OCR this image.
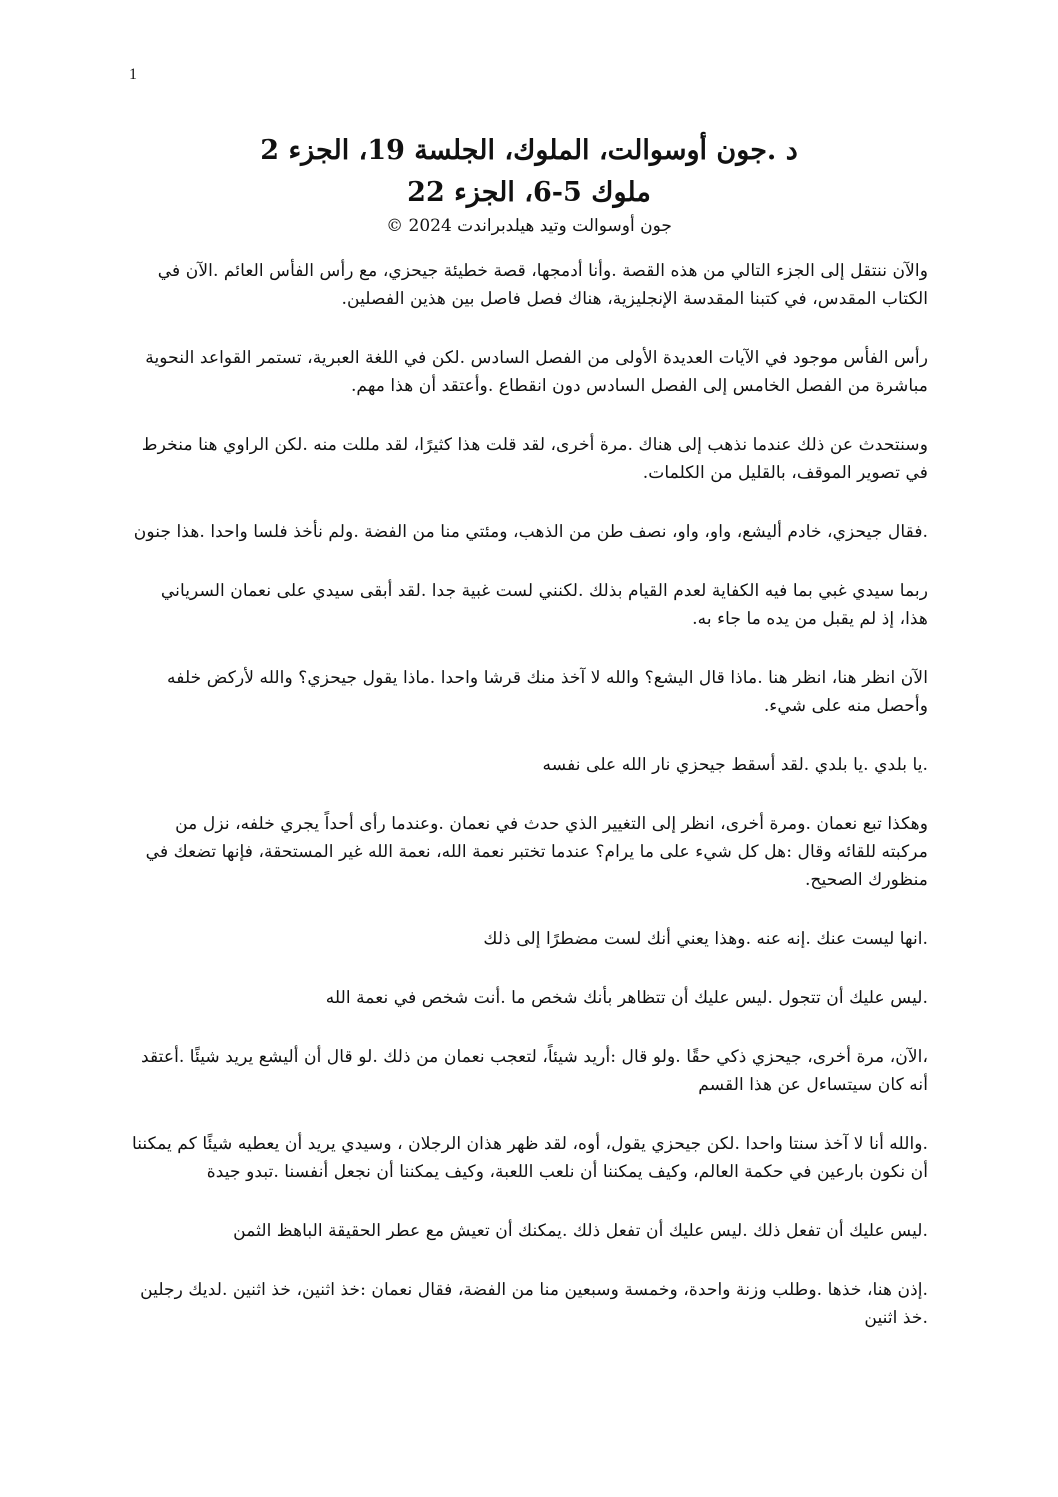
1

د .جون أوسوالت، الملوك، الجلسة 19، الجزء 2

ملوك 5-6، الجزء 22

جون أوسوالت وتيد هيلدبراندت 2024 ©

والآن ننتقل إلى الجزء التالي من هذه القصة .وأنا أدمجها، قصة خطيئة جيحزي، مع رأس الفأس العائم .الآن في الكتاب المقدس، في كتبنا المقدسة الإنجليزية، هناك فصل فاصل بين هذين الفصلين.

رأس الفأس موجود في الآيات العديدة الأولى من الفصل السادس .لكن في اللغة العبرية، تستمر القواعد النحوية مباشرة من الفصل الخامس إلى الفصل السادس دون انقطاع .وأعتقد أن هذا مهم.

وسنتحدث عن ذلك عندما نذهب إلى هناك .مرة أخرى، لقد قلت هذا كثيرًا، لقد مللت منه .لكن الراوي هنا منخرط في تصوير الموقف، بالقليل من الكلمات.

.فقال جيحزي، خادم أليشع، واو، واو، نصف طن من الذهب، ومئتي منا من الفضة .ولم نأخذ فلسا واحدا .هذا جنون

ربما سيدي غبي بما فيه الكفاية لعدم القيام بذلك .لكنني لست غبية جدا .لقد أبقى سيدي على نعمان السرياني هذا، إذ لم يقبل من يده ما جاء به.

الآن انظر هنا، انظر هنا .ماذا قال اليشع؟ والله لا آخذ منك قرشا واحدا .ماذا يقول جيحزي؟ والله لأركض خلفه وأحصل منه على شيء.

.يا بلدي .يا بلدي .لقد أسقط جيحزي نار الله على نفسه

وهكذا تبع نعمان .ومرة أخرى، انظر إلى التغيير الذي حدث في نعمان .وعندما رأى أحداً يجري خلفه، نزل من مركبته للقائه وقال :هل كل شيء على ما يرام؟ عندما تختبر نعمة الله، نعمة الله غير المستحقة، فإنها تضعك في منظورك الصحيح.

.انها ليست عنك .إنه عنه .وهذا يعني أنك لست مضطرًا إلى ذلك

.ليس عليك أن تتجول .ليس عليك أن تتظاهر بأنك شخص ما .أنت شخص في نعمة الله

،الآن، مرة أخرى، جيحزي ذكي حقًا .ولو قال :أريد شيئاً، لتعجب نعمان من ذلك .لو قال أن أليشع يريد شيئًا .أعتقد أنه كان سيتساءل عن هذا القسم

.والله أنا لا آخذ سنتا واحدا .لكن جيحزي يقول، أوه، لقد ظهر هذان الرجلان ، وسيدي يريد أن يعطيه شيئًا كم يمكننا أن نكون بارعين في حكمة العالم، وكيف يمكننا أن نلعب اللعبة، وكيف يمكننا أن نجعل أنفسنا .تبدو جيدة

.ليس عليك أن تفعل ذلك .ليس عليك أن تفعل ذلك .يمكنك أن تعيش مع عطر الحقيقة الباهظ الثمن

.إذن هنا، خذها .وطلب وزنة واحدة، وخمسة وسبعين منا من الفضة، فقال نعمان :خذ اثنين، خذ اثنين .لديك رجلين .خذ اثنين
